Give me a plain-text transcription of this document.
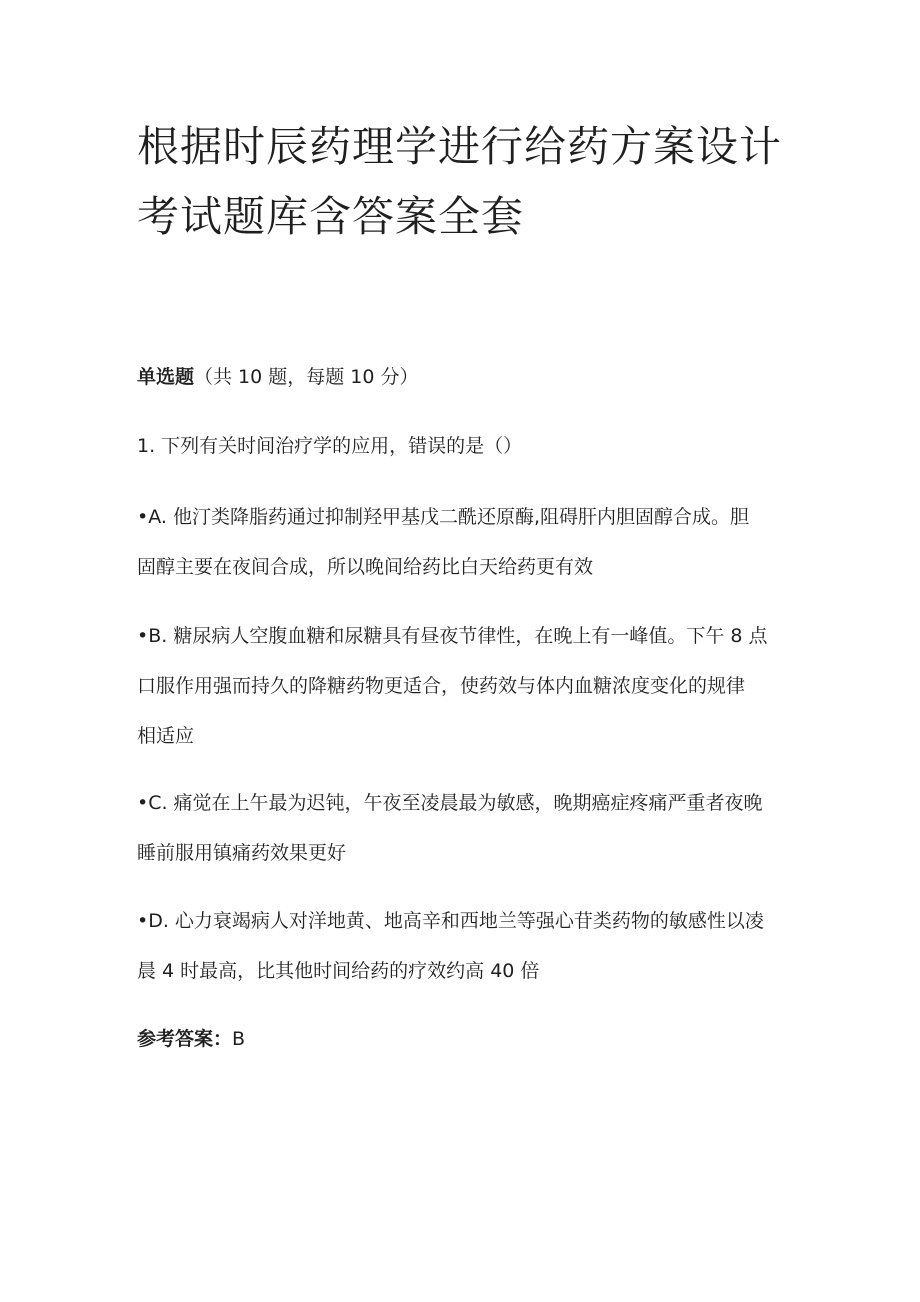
根据时辰药理学进行给药方案设计
考试题库含答案全套
单选题（共 10 题，每题 10 分）
1. 下列有关时间治疗学的应用，错误的是（）
•A. 他汀类降脂药通过抑制羟甲基戊二酰还原酶,阻碍肝内胆固醇合成。胆
固醇主要在夜间合成，所以晚间给药比白天给药更有效
•B. 糖尿病人空腹血糖和尿糖具有昼夜节律性，在晚上有一峰值。下午 8 点
口服作用强而持久的降糖药物更适合，使药效与体内血糖浓度变化的规律
相适应
•C. 痛觉在上午最为迟钝，午夜至凌晨最为敏感，晚期癌症疼痛严重者夜晚
睡前服用镇痛药效果更好
•D. 心力衰竭病人对洋地黄、地高辛和西地兰等强心苷类药物的敏感性以凌
晨 4 时最高，比其他时间给药的疗效约高 40 倍
参考答案：B
